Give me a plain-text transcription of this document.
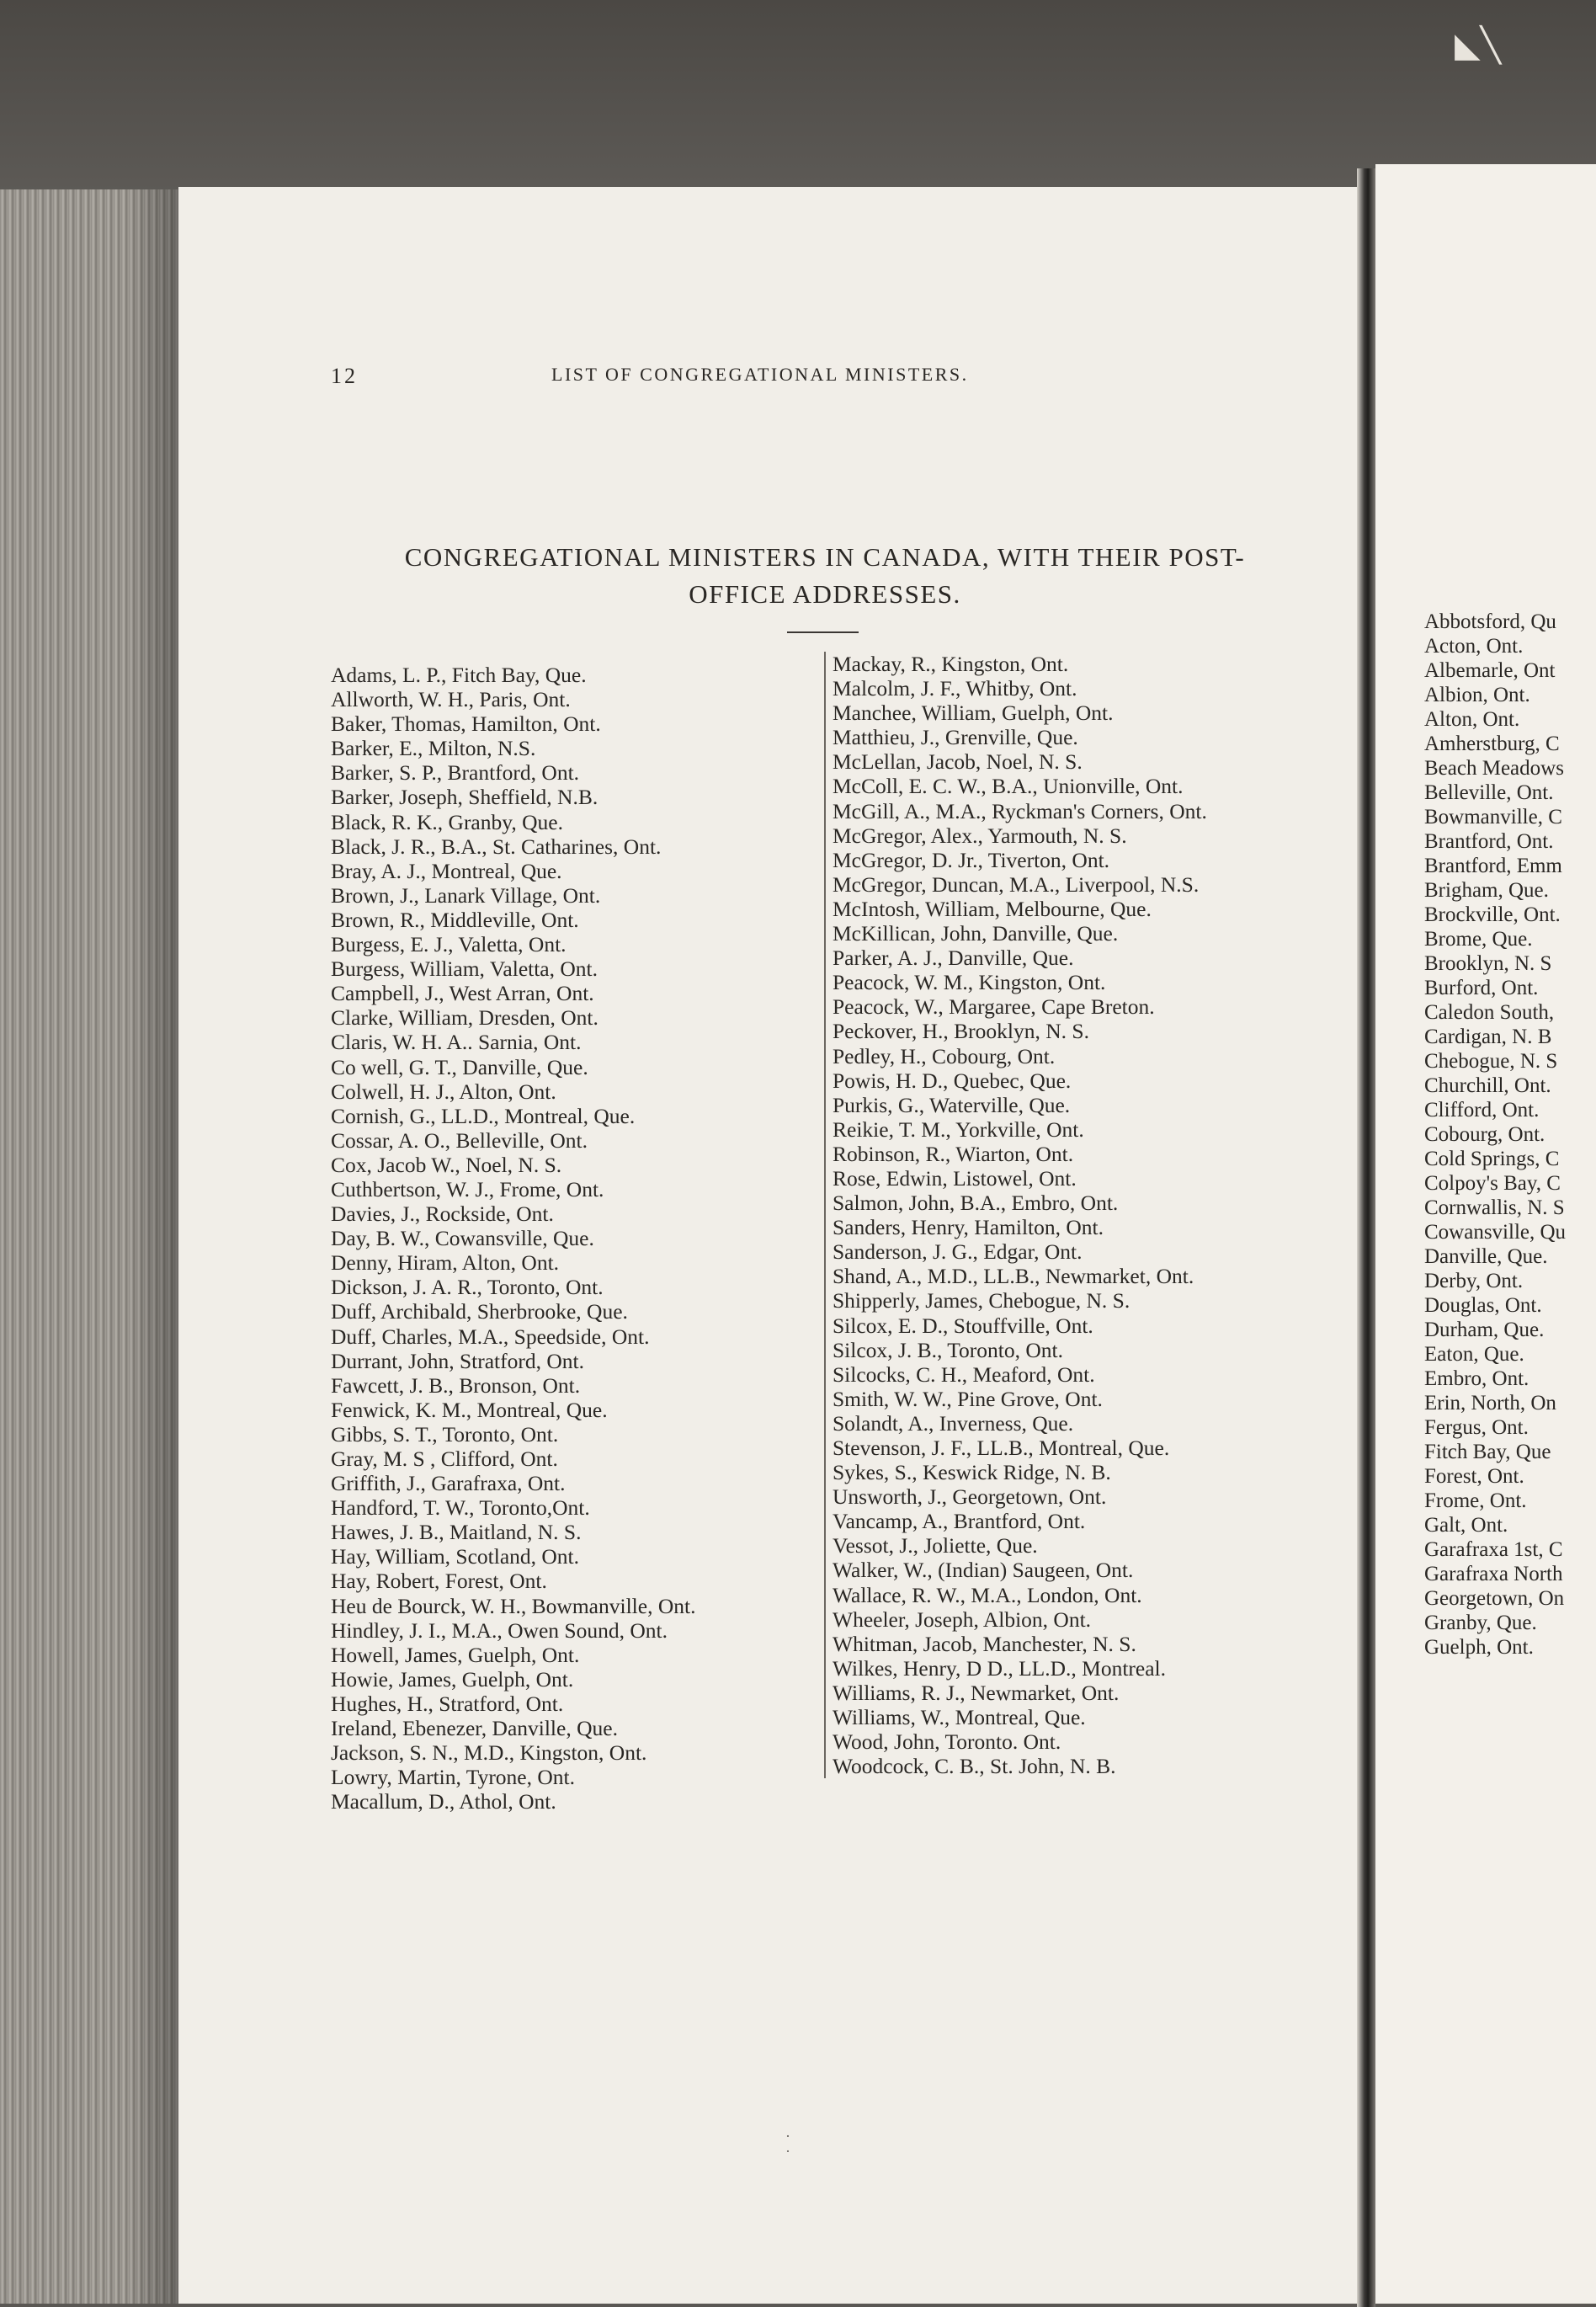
◣╲
12	LIST OF CONGREGATIONAL MINISTERS.
CONGREGATIONAL MINISTERS IN CANADA, WITH THEIR POST-
OFFICE ADDRESSES.
Adams, L. P., Fitch Bay, Que.
Allworth, W. H., Paris, Ont.
Baker, Thomas, Hamilton, Ont.
Barker, E., Milton, N.S.
Barker, S. P., Brantford, Ont.
Barker, Joseph, Sheffield, N.B.
Black, R. K., Granby, Que.
Black, J. R., B.A., St. Catharines, Ont.
Bray, A. J., Montreal, Que.
Brown, J., Lanark Village, Ont.
Brown, R., Middleville, Ont.
Burgess, E. J., Valetta, Ont.
Burgess, William, Valetta, Ont.
Campbell, J., West Arran, Ont.
Clarke, William, Dresden, Ont.
Claris, W. H. A.. Sarnia, Ont.
Co well, G. T., Danville, Que.
Colwell, H. J., Alton, Ont.
Cornish, G., LL.D., Montreal, Que.
Cossar, A. O., Belleville, Ont.
Cox, Jacob W., Noel, N. S.
Cuthbertson, W. J., Frome, Ont.
Davies, J., Rockside, Ont.
Day, B. W., Cowansville, Que.
Denny, Hiram, Alton, Ont.
Dickson, J. A. R., Toronto, Ont.
Duff, Archibald, Sherbrooke, Que.
Duff, Charles, M.A., Speedside, Ont.
Durrant, John, Stratford, Ont.
Fawcett, J. B., Bronson, Ont.
Fenwick, K. M., Montreal, Que.
Gibbs, S. T., Toronto, Ont.
Gray, M. S , Clifford, Ont.
Griffith, J., Garafraxa, Ont.
Handford, T. W., Toronto,Ont.
Hawes, J. B., Maitland, N. S.
Hay, William, Scotland, Ont.
Hay, Robert, Forest, Ont.
Heu de Bourck, W. H., Bowmanville, Ont.
Hindley, J. I., M.A., Owen Sound, Ont.
Howell, James, Guelph, Ont.
Howie, James, Guelph, Ont.
Hughes, H., Stratford, Ont.
Ireland, Ebenezer, Danville, Que.
Jackson, S. N., M.D., Kingston, Ont.
Lowry, Martin, Tyrone, Ont.
Macallum, D., Athol, Ont.
Mackay, R., Kingston, Ont.
Malcolm, J. F., Whitby, Ont.
Manchee, William, Guelph, Ont.
Matthieu, J., Grenville, Que.
McLellan, Jacob, Noel, N. S.
McColl, E. C. W., B.A., Unionville, Ont.
McGill, A., M.A., Ryckman's Corners, Ont.
McGregor, Alex., Yarmouth, N. S.
McGregor, D. Jr., Tiverton, Ont.
McGregor, Duncan, M.A., Liverpool, N.S.
McIntosh, William, Melbourne, Que.
McKillican, John, Danville, Que.
Parker, A. J., Danville, Que.
Peacock, W. M., Kingston, Ont.
Peacock, W., Margaree, Cape Breton.
Peckover, H., Brooklyn, N. S.
Pedley, H., Cobourg, Ont.
Powis, H. D., Quebec, Que.
Purkis, G., Waterville, Que.
Reikie, T. M., Yorkville, Ont.
Robinson, R., Wiarton, Ont.
Rose, Edwin, Listowel, Ont.
Salmon, John, B.A., Embro, Ont.
Sanders, Henry, Hamilton, Ont.
Sanderson, J. G., Edgar, Ont.
Shand, A., M.D., LL.B., Newmarket, Ont.
Shipperly, James, Chebogue, N. S.
Silcox, E. D., Stouffville, Ont.
Silcox, J. B., Toronto, Ont.
Silcocks, C. H., Meaford, Ont.
Smith, W. W., Pine Grove, Ont.
Solandt, A., Inverness, Que.
Stevenson, J. F., LL.B., Montreal, Que.
Sykes, S., Keswick Ridge, N. B.
Unsworth, J., Georgetown, Ont.
Vancamp, A., Brantford, Ont.
Vessot, J., Joliette, Que.
Walker, W., (Indian) Saugeen, Ont.
Wallace, R. W., M.A., London, Ont.
Wheeler, Joseph, Albion, Ont.
Whitman, Jacob, Manchester, N. S.
Wilkes, Henry, D D., LL.D., Montreal.
Williams, R. J., Newmarket, Ont.
Williams, W., Montreal, Que.
Wood, John, Toronto. Ont.
Woodcock, C. B., St. John, N. B.
Abbotsford, Qu
Acton, Ont.
Albemarle, Ont
Albion, Ont.
Alton, Ont.
Amherstburg, C
Beach Meadows
Belleville, Ont.
Bowmanville, C
Brantford, Ont.
Brantford, Emm
Brigham, Que.
Brockville, Ont.
Brome, Que.
Brooklyn, N. S
Burford, Ont.
Caledon South,
Cardigan, N. B
Chebogue, N. S
Churchill, Ont.
Clifford, Ont.
Cobourg, Ont.
Cold Springs, C
Colpoy's Bay, C
Cornwallis, N. S
Cowansville, Qu
Danville, Que.
Derby, Ont.
Douglas, Ont.
Durham, Que.
Eaton, Que.
Embro, Ont.
Erin, North, On
Fergus, Ont.
Fitch Bay, Que
Forest, Ont.
Frome, Ont.
Galt, Ont.
Garafraxa 1st, C
Garafraxa North
Georgetown, On
Granby, Que.
Guelph, Ont.
·
·
